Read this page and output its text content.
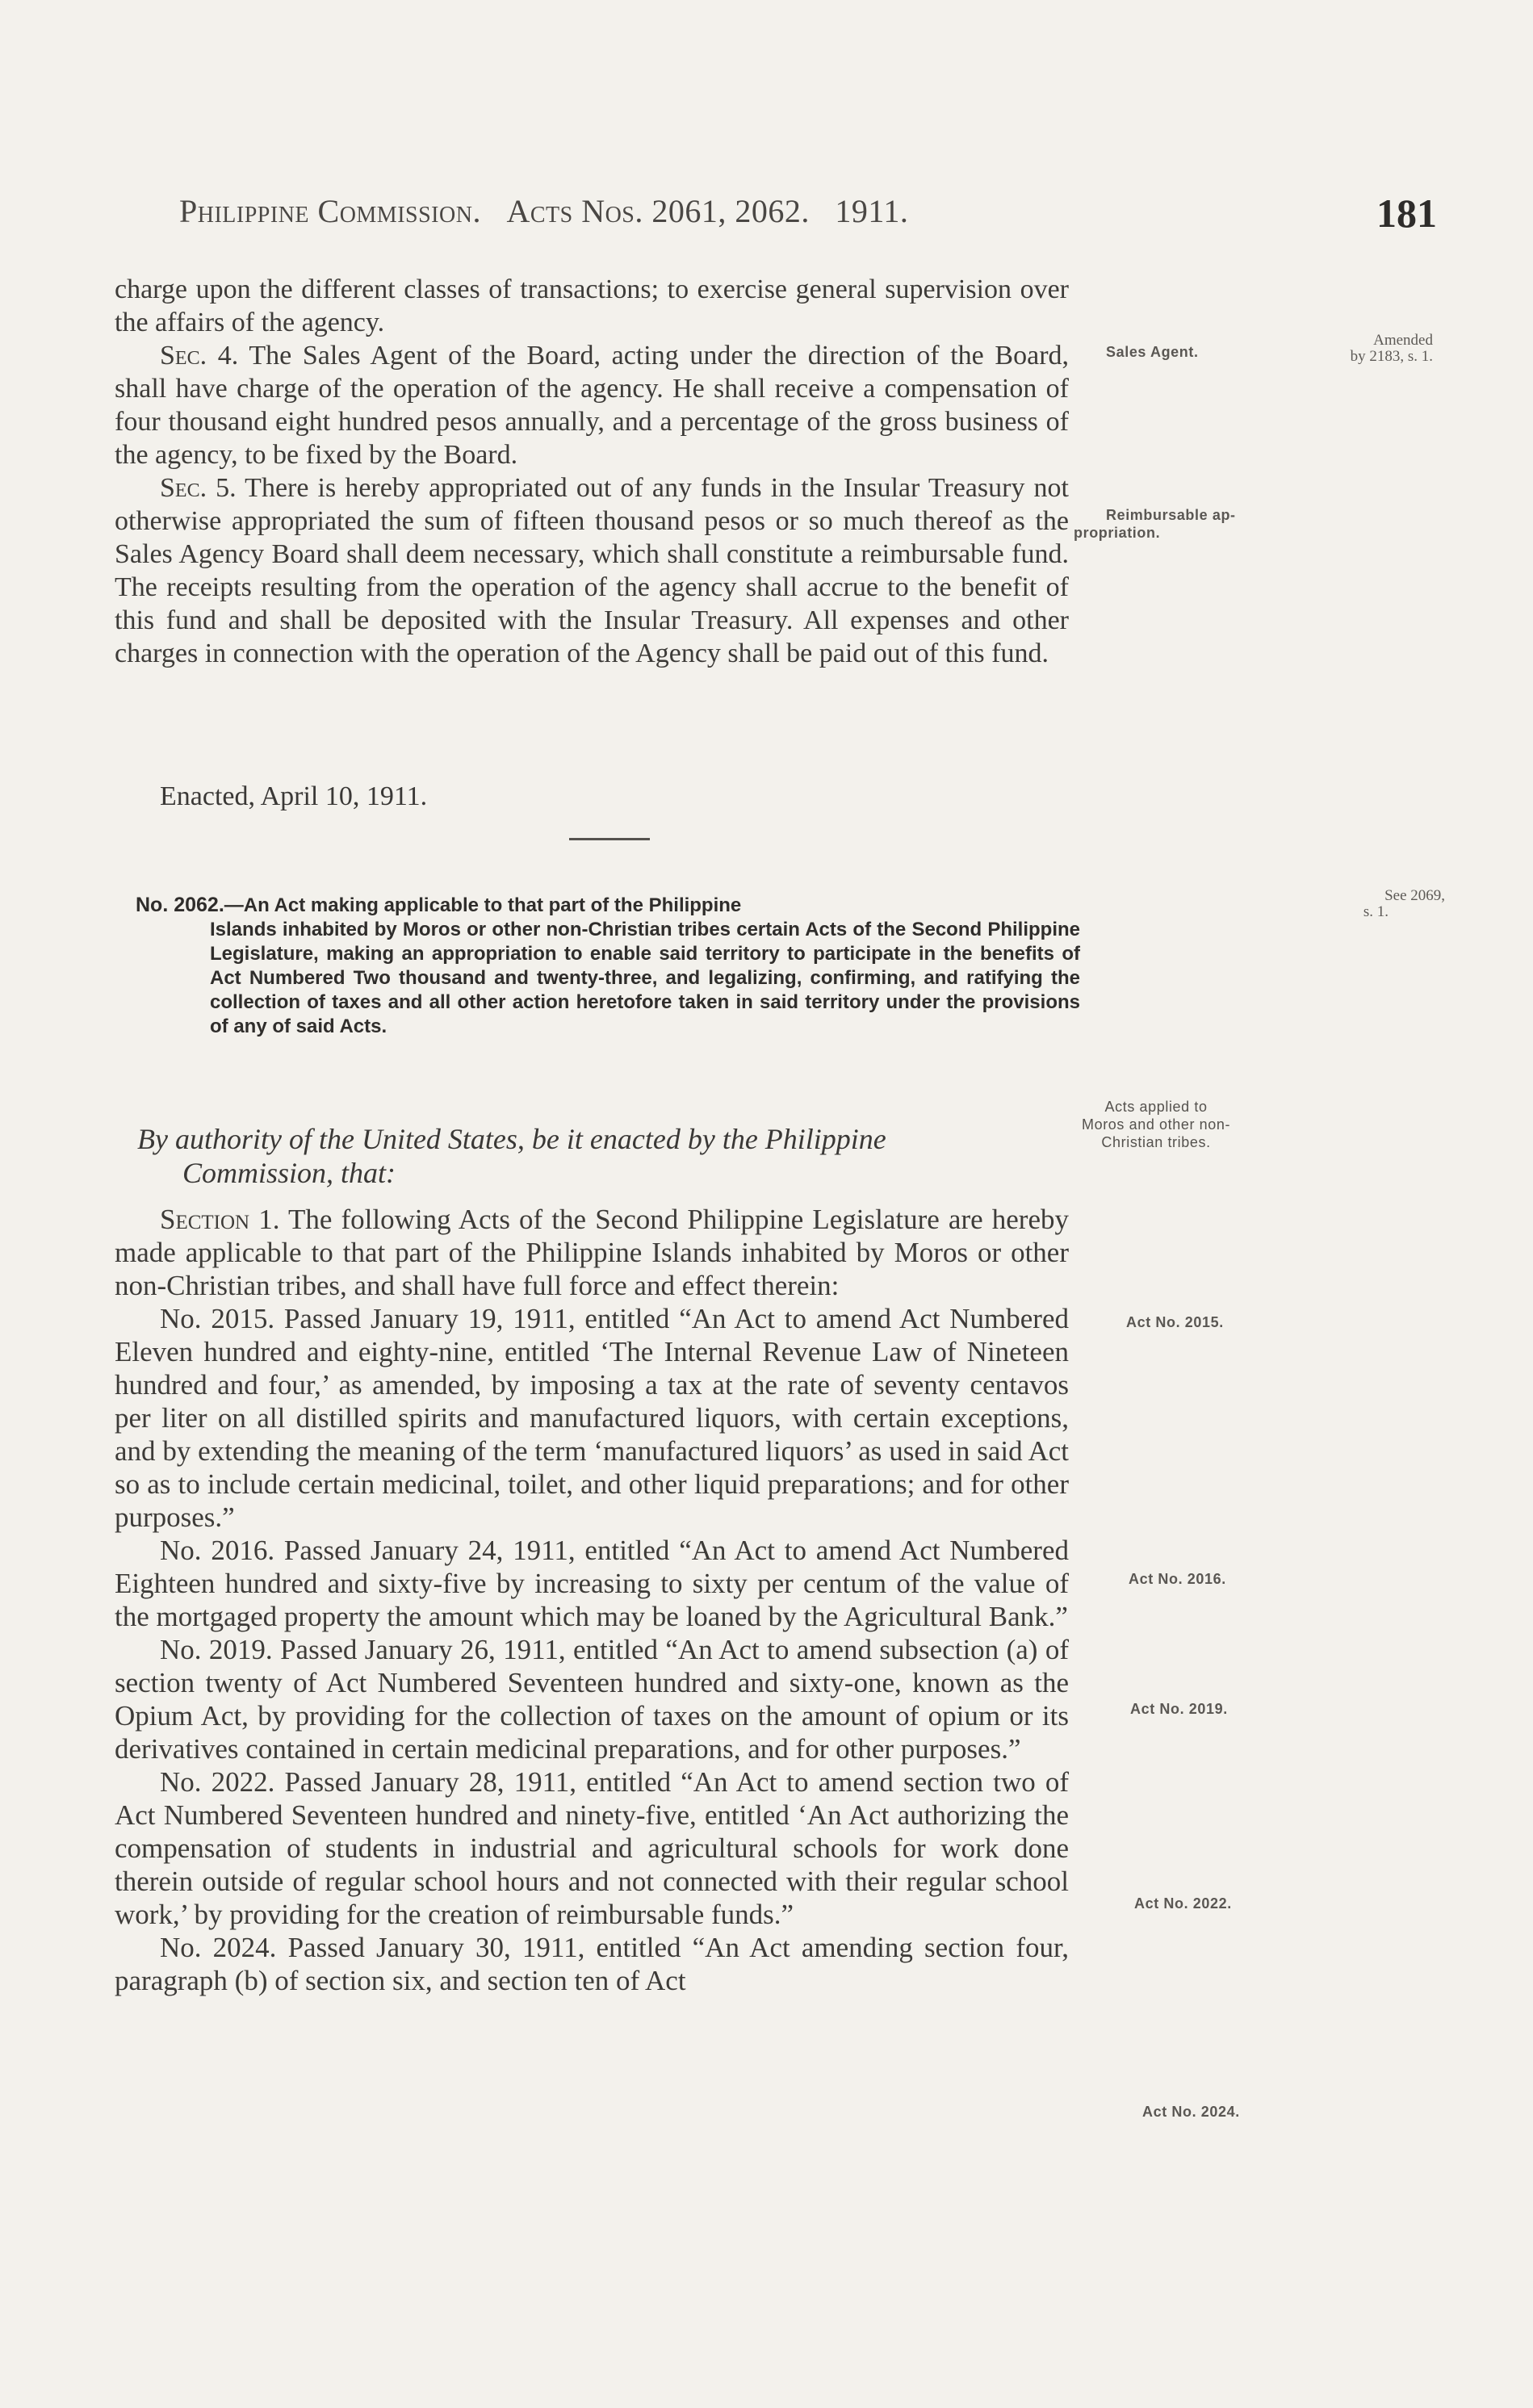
Philippine Commission. Acts Nos. 2061, 2062. 1911.	181

charge upon the different classes of transactions; to exercise general supervision over the affairs of the agency.

Sec. 4. The Sales Agent of the Board, acting under the direction of the Board, shall have charge of the operation of the agency. He shall receive a compensation of four thousand eight hundred pesos annually, and a percentage of the gross business of the agency, to be fixed by the Board.

Sec. 5. There is hereby appropriated out of any funds in the Insular Treasury not otherwise appropriated the sum of fifteen thousand pesos or so much thereof as the Sales Agency Board shall deem necessary, which shall constitute a reimbursable fund. The receipts resulting from the operation of the agency shall accrue to the benefit of this fund and shall be deposited with the Insular Treasury. All expenses and other charges in connection with the operation of the Agency shall be paid out of this fund.

Enacted, April 10, 1911.
No. 2062.—An Act making applicable to that part of the Philippine
Islands inhabited by Moros or other non-Christian tribes certain Acts of the Second Philippine Legislature, making an appropriation to enable said territory to participate in the benefits of Act Numbered Two thousand and twenty-three, and legalizing, confirming, and ratifying the collection of taxes and all other action heretofore taken in said territory under the provisions of any of said Acts.
By authority of the United States, be it enacted by the Philippine
Commission, that:

Section 1. The following Acts of the Second Philippine Legislature are hereby made applicable to that part of the Philippine Islands inhabited by Moros or other non-Christian tribes, and shall have full force and effect therein:

No. 2015. Passed January 19, 1911, entitled “An Act to amend Act Numbered Eleven hundred and eighty-nine, entitled ‘The Internal Revenue Law of Nineteen hundred and four,’ as amended, by imposing a tax at the rate of seventy centavos per liter on all distilled spirits and manufactured liquors, with certain exceptions, and by extending the meaning of the term ‘manufactured liquors’ as used in said Act so as to include certain medicinal, toilet, and other liquid preparations; and for other purposes.”

No. 2016. Passed January 24, 1911, entitled “An Act to amend Act Numbered Eighteen hundred and sixty-five by increasing to sixty per centum of the value of the mortgaged property the amount which may be loaned by the Agricultural Bank.”

No. 2019. Passed January 26, 1911, entitled “An Act to amend subsection (a) of section twenty of Act Numbered Seventeen hundred and sixty-one, known as the Opium Act, by providing for the collection of taxes on the amount of opium or its derivatives contained in certain medicinal preparations, and for other purposes.”

No. 2022. Passed January 28, 1911, entitled “An Act to amend section two of Act Numbered Seventeen hundred and ninety-five, entitled ‘An Act authorizing the compensation of students in industrial and agricultural schools for work done therein outside of regular school hours and not connected with their regular school work,’ by providing for the creation of reimbursable funds.”

No. 2024. Passed January 30, 1911, entitled “An Act amending section four, paragraph (b) of section six, and section ten of Act

Sales Agent.
Amended
by 2183, s. 1.
Reimbursable ap-
propriation.
See 2069,
s. 1.
Acts applied to
Moros and other non-
Christian tribes.
Act No. 2015.
Act No. 2016.
Act No. 2019.
Act No. 2022.
Act No. 2024.
